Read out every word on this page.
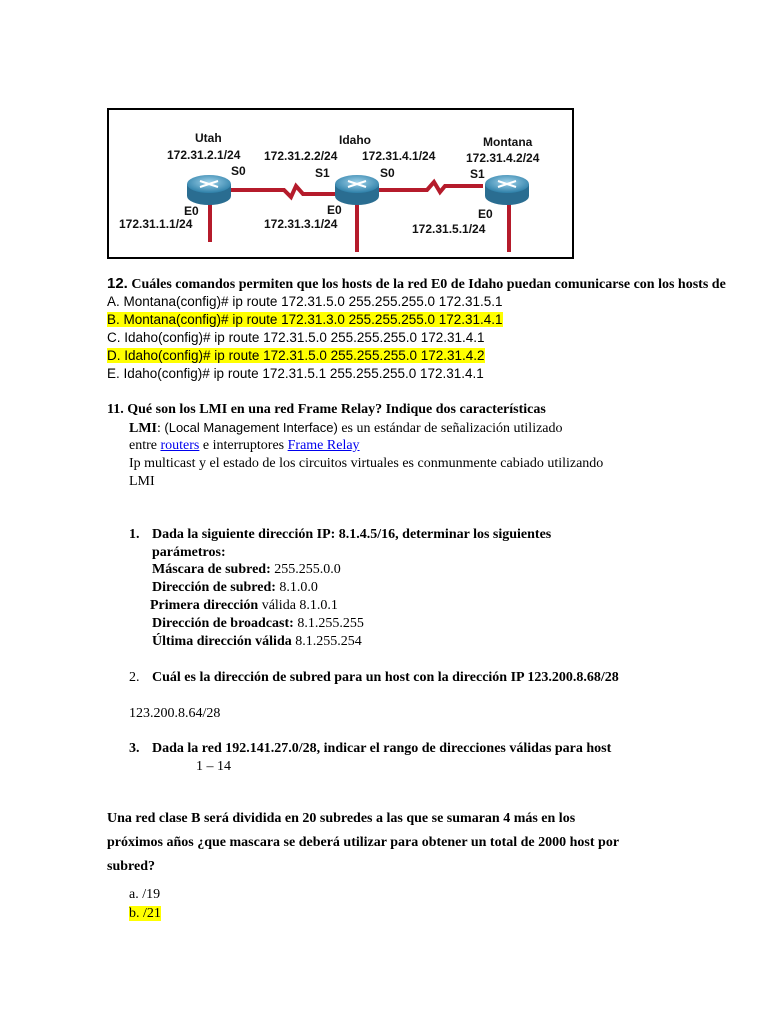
Utah
172.31.2.1/24
S0
E0
172.31.1.1/24
Idaho
172.31.2.2/24 172.31.4.1/24
S1	S0
E0
172.31.3.1/24
Montana
172.31.4.2/24
S1
E0
172.31.5.1/24
12. Cuáles comandos permiten que los hosts de la red E0 de Idaho puedan comunicarse con los hosts de
A. Montana(config)# ip route 172.31.5.0 255.255.255.0 172.31.5.1
B. Montana(config)# ip route 172.31.3.0 255.255.255.0 172.31.4.1
C. Idaho(config)# ip route 172.31.5.0 255.255.255.0 172.31.4.1
D. Idaho(config)# ip route 172.31.5.0 255.255.255.0 172.31.4.2
E. Idaho(config)# ip route 172.31.5.1 255.255.255.0 172.31.4.1
11. Qué son los LMI en una red Frame Relay? Indique dos características
LMI: (Local Management Interface) es un estándar de señalización utilizado
entre routers e interruptores Frame Relay
Ip multicast y el estado de los circuitos virtuales es conmunmente cabiado utilizando
LMI
1. Dada la siguiente dirección IP: 8.1.4.5/16, determinar los siguientes
parámetros:
Máscara de subred: 255.255.0.0
Dirección de subred: 8.1.0.0
Primera dirección válida 8.1.0.1
Dirección de broadcast: 8.1.255.255
Última dirección válida 8.1.255.254
2. Cuál es la dirección de subred para un host con la dirección IP 123.200.8.68/28
123.200.8.64/28
3. Dada la red 192.141.27.0/28, indicar el rango de direcciones válidas para host
1 – 14
Una red clase B será dividida en 20 subredes a las que se sumaran 4 más en los
próximos años ¿que mascara se deberá utilizar para obtener un total de 2000 host por
subred?
a. /19
b. /21
